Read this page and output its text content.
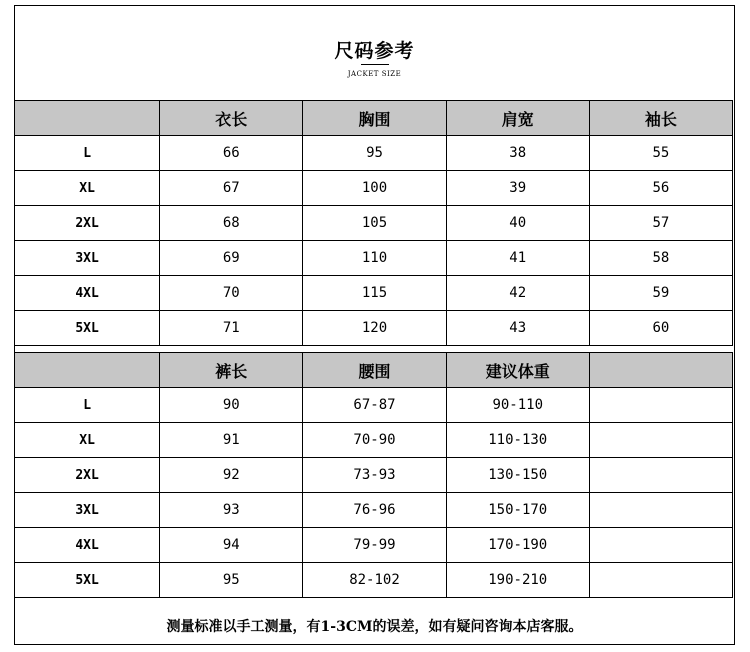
尺码参考
JACKET SIZE
	衣长	胸围	肩宽	袖长
L	66	95	38	55
XL	67	100	39	56
2XL	68	105	40	57
3XL	69	110	41	58
4XL	70	115	42	59
5XL	71	120	43	60
	裤长	腰围	建议体重	
L	90	67-87	90-110	
XL	91	70-90	110-130	
2XL	92	73-93	130-150	
3XL	93	76-96	150-170	
4XL	94	79-99	170-190	
5XL	95	82-102	190-210	
测量标准以手工测量，有1-3CM的误差，如有疑问咨询本店客服。
